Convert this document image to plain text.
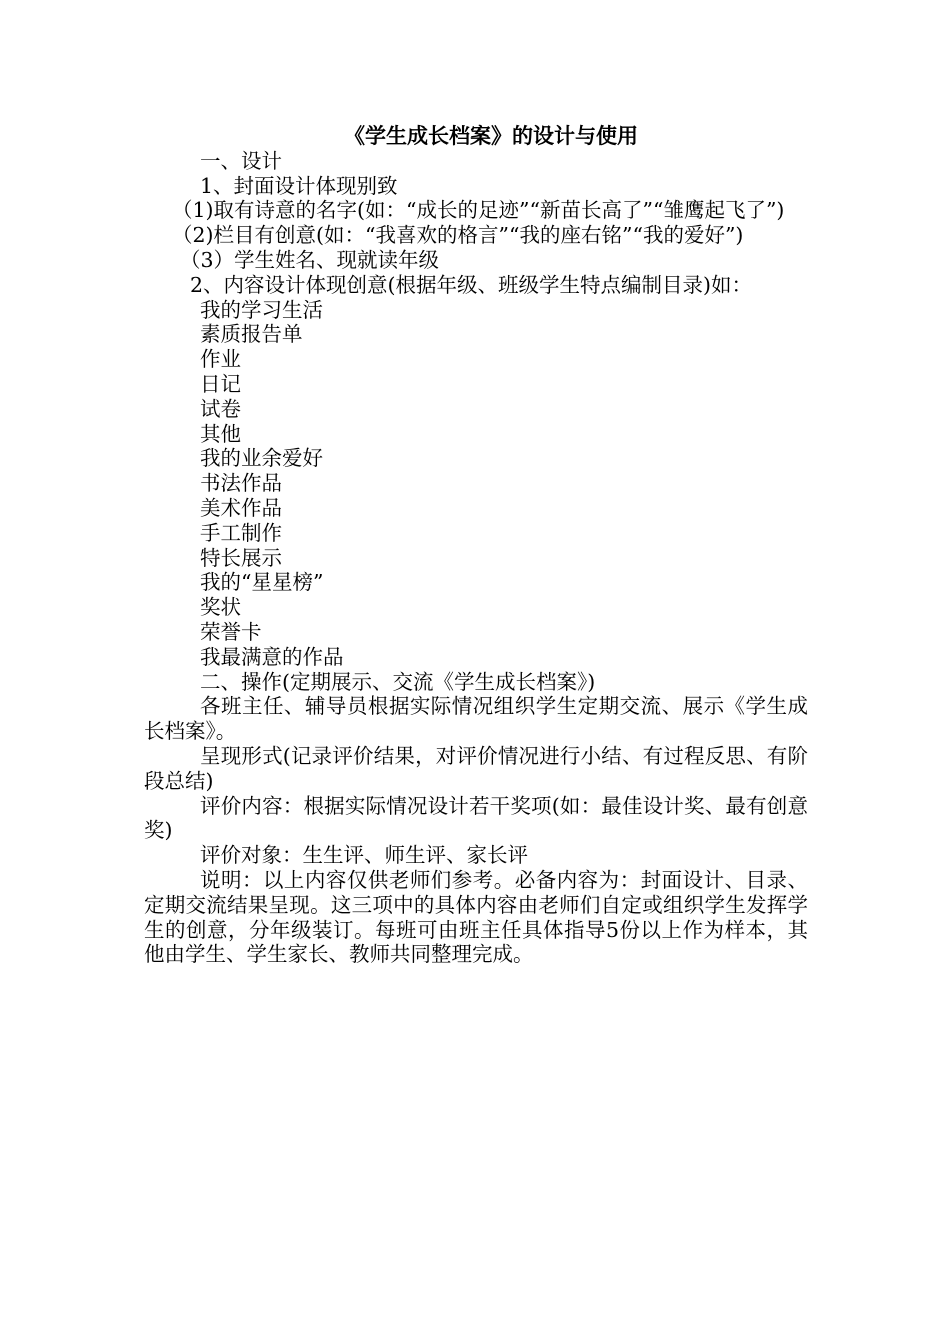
《学生成长档案》的设计与使用

一、设计

1、封面设计体现别致

（1)取有诗意的名字(如：“成长的足迹”“新苗长高了”“雏鹰起飞了”)

（2)栏目有创意(如：“我喜欢的格言”“我的座右铭”“我的爱好”)

（3）学生姓名、现就读年级

2、内容设计体现创意(根据年级、班级学生特点编制目录)如：

我的学习生活

素质报告单

作业

日记

试卷

其他

我的业余爱好

书法作品

美术作品

手工制作

特长展示

我的“星星榜”

奖状

荣誉卡

我最满意的作品

二、操作(定期展示、交流《学生成长档案》)

各班主任、辅导员根据实际情况组织学生定期交流、展示《学生成长档案》。

呈现形式(记录评价结果，对评价情况进行小结、有过程反思、有阶段总结)

评价内容：根据实际情况设计若干奖项(如：最佳设计奖、最有创意奖)

评价对象：生生评、师生评、家长评

说明：以上内容仅供老师们参考。必备内容为：封面设计、目录、定期交流结果呈现。这三项中的具体内容由老师们自定或组织学生发挥学生的创意，分年级装订。每班可由班主任具体指导5份以上作为样本，其他由学生、学生家长、教师共同整理完成。
